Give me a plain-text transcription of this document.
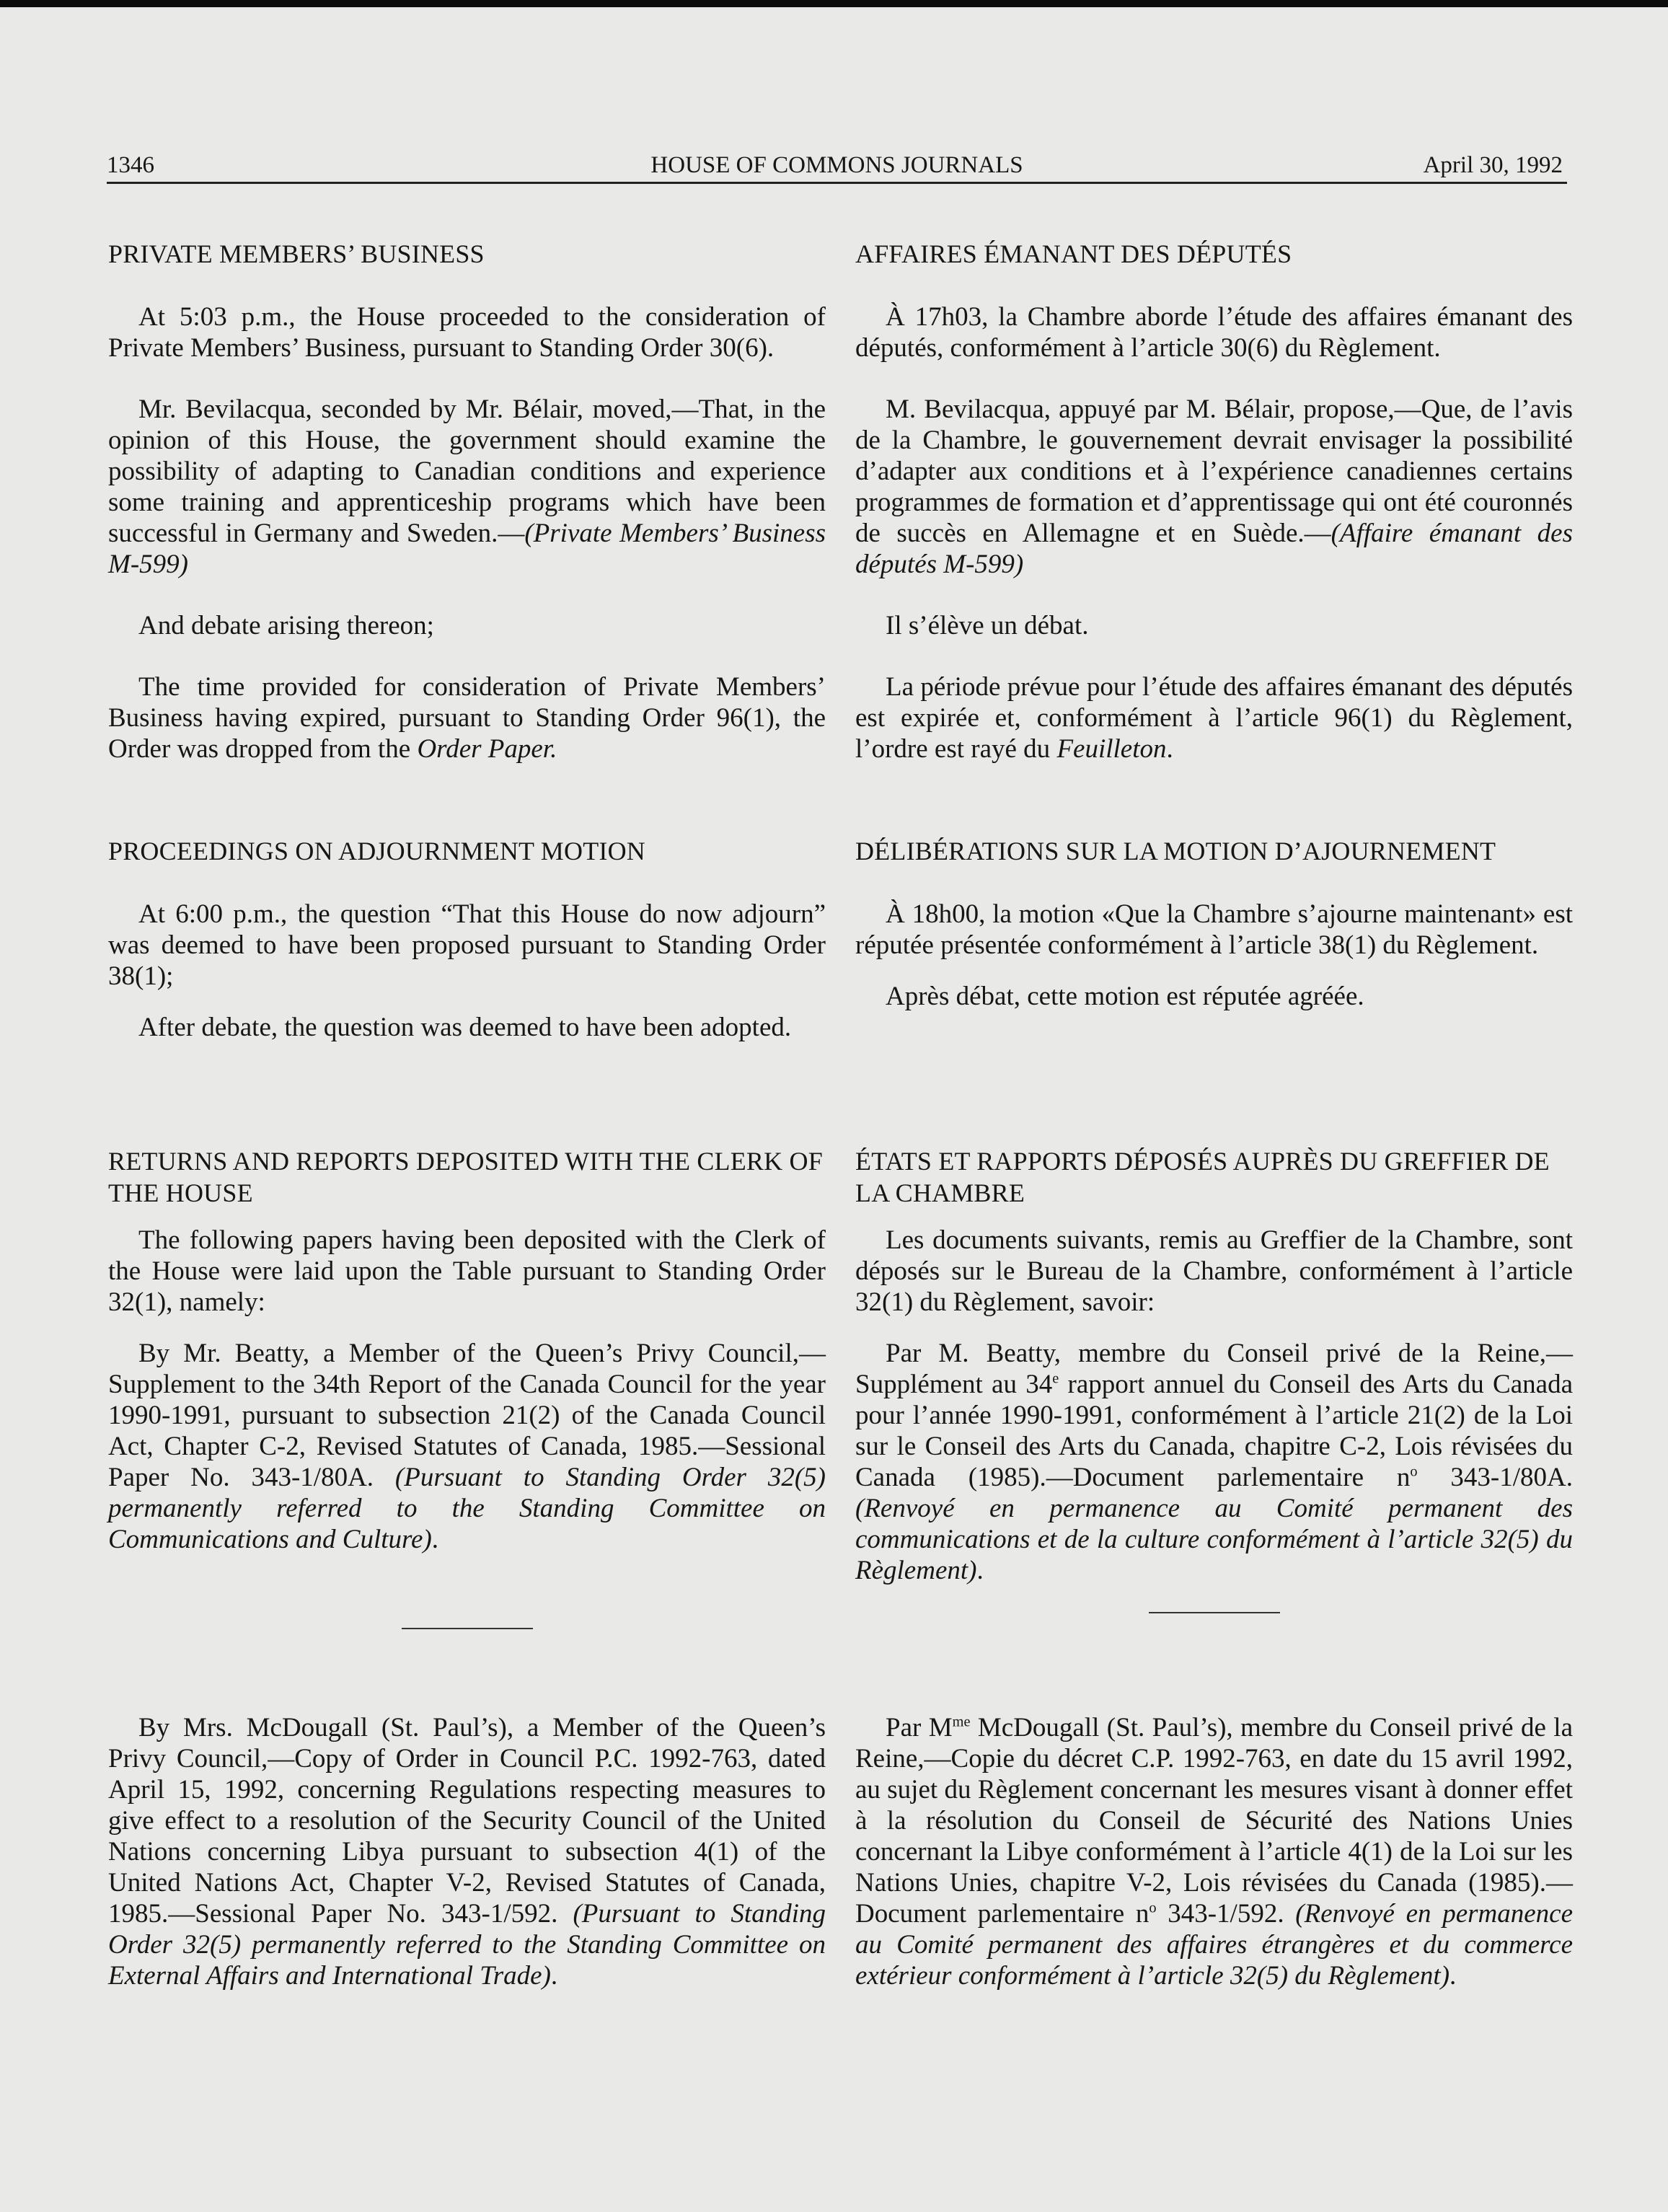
1346	HOUSE OF COMMONS JOURNALS	April 30, 1992
PRIVATE MEMBERS’ BUSINESS

At 5:03 p.m., the House proceeded to the consideration of Private Members’ Business, pursuant to Standing Order 30(6).

Mr. Bevilacqua, seconded by Mr. Bélair, moved,—That, in the opinion of this House, the government should examine the possibility of adapting to Canadian conditions and experience some training and apprenticeship programs which have been successful in Germany and Sweden.—(Private Members’ Business M-599)

And debate arising thereon;

The time provided for consideration of Private Members’ Business having expired, pursuant to Standing Order 96(1), the Order was dropped from the Order Paper.

PROCEEDINGS ON ADJOURNMENT MOTION

At 6:00 p.m., the question “That this House do now adjourn” was deemed to have been proposed pursuant to Standing Order 38(1);

After debate, the question was deemed to have been adopted.

RETURNS AND REPORTS DEPOSITED WITH THE CLERK OF THE HOUSE

The following papers having been deposited with the Clerk of the House were laid upon the Table pursuant to Standing Order 32(1), namely:

By Mr. Beatty, a Member of the Queen’s Privy Council,—Supplement to the 34th Report of the Canada Council for the year 1990-1991, pursuant to subsection 21(2) of the Canada Council Act, Chapter C-2, Revised Statutes of Canada, 1985.—Sessional Paper No. 343-1/80A. (Pursuant to Standing Order 32(5) permanently referred to the Standing Committee on Communications and Culture).

By Mrs. McDougall (St. Paul’s), a Member of the Queen’s Privy Council,—Copy of Order in Council P.C. 1992-763, dated April 15, 1992, concerning Regulations respecting measures to give effect to a resolution of the Security Council of the United Nations concerning Libya pursuant to subsection 4(1) of the United Nations Act, Chapter V-2, Revised Statutes of Canada, 1985.—Sessional Paper No. 343-1/592. (Pursuant to Standing Order 32(5) permanently referred to the Standing Committee on External Affairs and International Trade).

AFFAIRES ÉMANANT DES DÉPUTÉS

À 17h03, la Chambre aborde l’étude des affaires émanant des députés, conformément à l’article 30(6) du Règlement.

M. Bevilacqua, appuyé par M. Bélair, propose,—Que, de l’avis de la Chambre, le gouvernement devrait envisager la possibilité d’adapter aux conditions et à l’expérience canadiennes certains programmes de formation et d’apprentissage qui ont été couronnés de succès en Allemagne et en Suède.—(Affaire émanant des députés M-599)

Il s’élève un débat.

La période prévue pour l’étude des affaires émanant des députés est expirée et, conformément à l’article 96(1) du Règlement, l’ordre est rayé du Feuilleton.

DÉLIBÉRATIONS SUR LA MOTION D’AJOURNEMENT

À 18h00, la motion «Que la Chambre s’ajourne maintenant» est réputée présentée conformément à l’article 38(1) du Règlement.

Après débat, cette motion est réputée agréée.

ÉTATS ET RAPPORTS DÉPOSÉS AUPRÈS DU GREFFIER DE LA CHAMBRE

Les documents suivants, remis au Greffier de la Chambre, sont déposés sur le Bureau de la Chambre, conformément à l’article 32(1) du Règlement, savoir:

Par M. Beatty, membre du Conseil privé de la Reine,—Supplément au 34e rapport annuel du Conseil des Arts du Canada pour l’année 1990-1991, conformément à l’article 21(2) de la Loi sur le Conseil des Arts du Canada, chapitre C-2, Lois révisées du Canada (1985).—Document parlementaire $n^o$ 343-1/80A. (Renvoyé en permanence au Comité permanent des communications et de la culture conformément à l’article 32(5) du Règlement).

Par $M^{me}$ McDougall (St. Paul’s), membre du Conseil privé de la Reine,—Copie du décret C.P. 1992-763, en date du 15 avril 1992, au sujet du Règlement concernant les mesures visant à donner effet à la résolution du Conseil de Sécurité des Nations Unies concernant la Libye conformément à l’article 4(1) de la Loi sur les Nations Unies, chapitre V-2, Lois révisées du Canada (1985).—Document parlementaire $n^o$ 343-1/592. (Renvoyé en permanence au Comité permanent des affaires étrangères et du commerce extérieur conformément à l’article 32(5) du Règlement).
